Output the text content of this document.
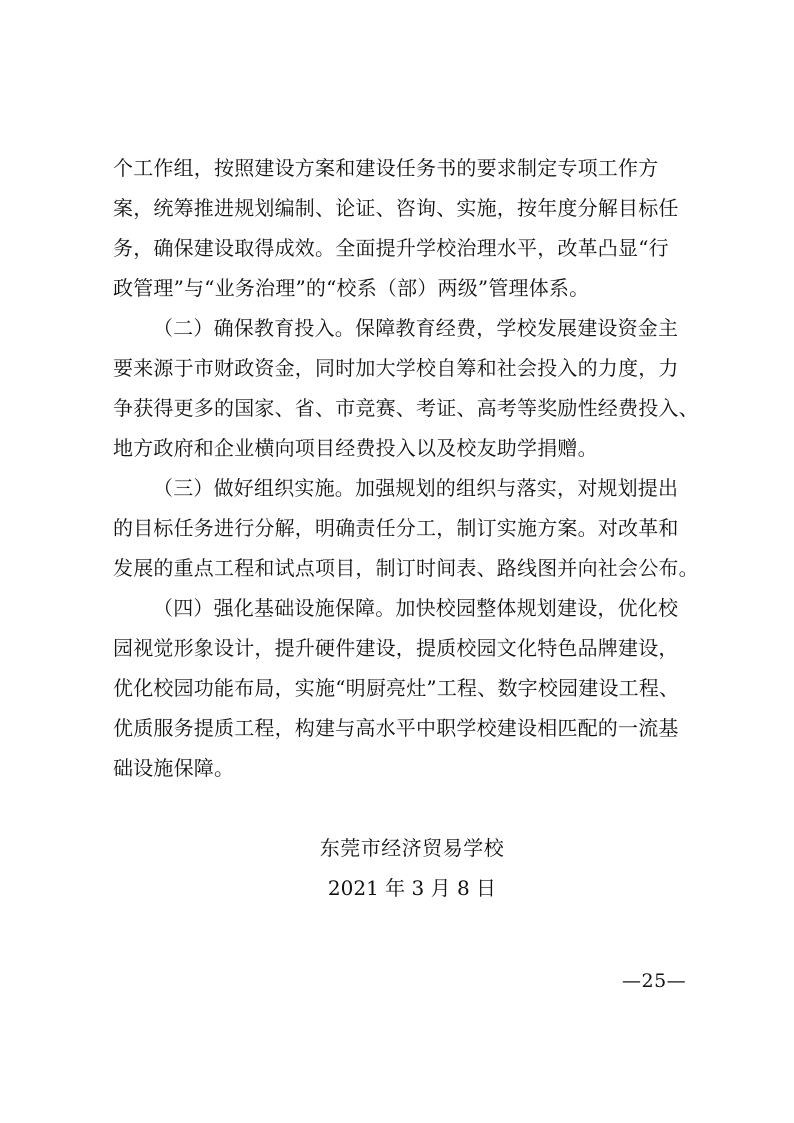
个工作组，按照建设方案和建设任务书的要求制定专项工作方
案，统筹推进规划编制、论证、咨询、实施，按年度分解目标任
务，确保建设取得成效。全面提升学校治理水平，改革凸显“行
政管理”与“业务治理”的“校系（部）两级”管理体系。
（二）确保教育投入。保障教育经费，学校发展建设资金主
要来源于市财政资金，同时加大学校自筹和社会投入的力度，力
争获得更多的国家、省、市竞赛、考证、高考等奖励性经费投入、
地方政府和企业横向项目经费投入以及校友助学捐赠。
（三）做好组织实施。加强规划的组织与落实，对规划提出
的目标任务进行分解，明确责任分工，制订实施方案。对改革和
发展的重点工程和试点项目，制订时间表、路线图并向社会公布。
（四）强化基础设施保障。加快校园整体规划建设，优化校
园视觉形象设计，提升硬件建设，提质校园文化特色品牌建设，
优化校园功能布局，实施“明厨亮灶”工程、数字校园建设工程、
优质服务提质工程，构建与高水平中职学校建设相匹配的一流基
础设施保障。
东莞市经济贸易学校
2021 年 3 月 8 日
—25—
